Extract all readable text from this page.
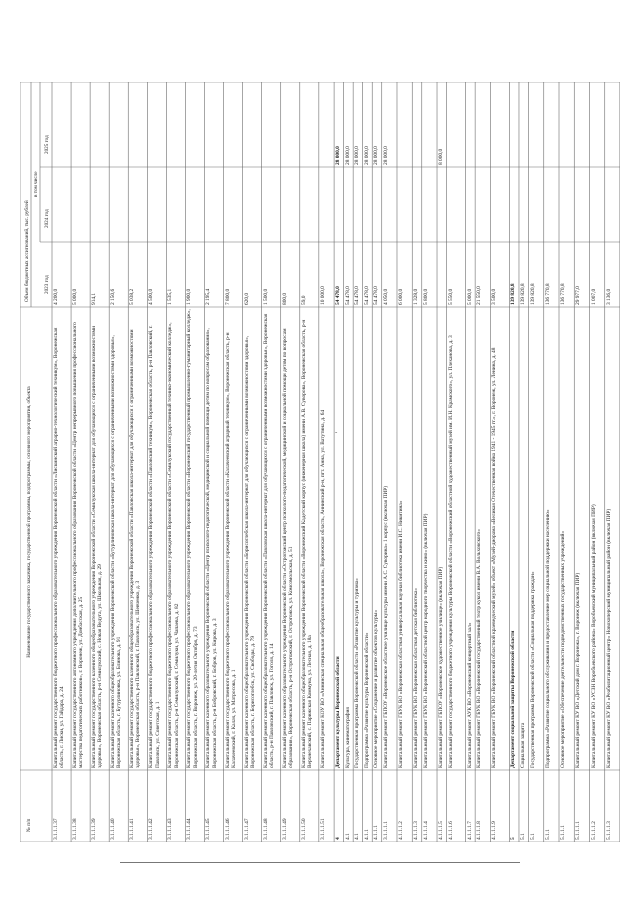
-
№ п/п
Наименование государственного заказчика, государственной программы, подпрограммы, основного мероприятия, объекта
Объем бюджетных ассигнований, тыс. рублей
в том числе
2023 год
2024 год
2025 год
3.1.1.1.37
Капитальный ремонт государственного бюджетного профессионального образовательного учреждения Воронежской области «Лискинский аграрно-технологический техникум», Воронежская область, г. Лиски, ул. Гайдара, д. 24
4 200,0
3.1.1.1.38
Капитальный ремонт государственного автономного учреждения дополнительного профессионального образования Воронежской области «Центр непрерывного повышения профессионального мастерства педагогических работников», г. Воронеж, ул. Донбасская, д. 25
5 000,0
3.1.1.1.39
Капитальный ремонт государственного казенного общеобразовательного учреждения Воронежской области «Семилукская школа-интернат для обучающихся с ограниченными возможностями здоровья», Воронежская область, р-н Семилукский, с. Новая Ведуга, ул. Школьная, д. 29
914,1
3.1.1.1.40
Капитальный ремонт казенного общеобразовательного учреждения Воронежской области «Бутурлиновская школа-интернат для обучающихся с ограниченными возможностями здоровья», Воронежская область, г. Бутурлиновка, ул. Блинова, д. 91
2 150,6
3.1.1.1.41
Капитальный ремонт государственного казенного общеобразовательного учреждения Воронежской области «Павловская школа-интернат для обучающихся с ограниченными возможностями здоровья», Воронежская область, р-н Павловский, г. Павловск, ул. Шевченко, д. 3
5 038,2
3.1.1.1.42
Капитальный ремонт государственного бюджетного профессионального образовательного учреждения Воронежской области «Павловский техникум», Воронежская область, р-н Павловский, г. Павловск, ул. Советская, д. 1
4 500,0
3.1.1.1.43
Капитальный ремонт государственного бюджетного профессионального образовательного учреждения Воронежской области «Семилукский государственный технико-экономический колледж», Воронежская область, р-н Семилукский, г. Семилуки, ул. Чапаева, д. 82
1 535,1
3.1.1.1.44
Капитальный ремонт государственного бюджетного профессионального образовательного учреждения Воронежской области «Воронежский государственный промышленно-гуманитарный колледж», Воронежская область, г. Воронеж, ул. 20-летия Октября, д. 73
1 900,0
3.1.1.1.45
Капитальный ремонт казенного образовательного учреждения Воронежской области «Центр психолого-педагогической, медицинской и социальной помощи детям по вопросам образования», Воронежская область, р-н Бобровский, г. Бобров, ул. Кирова, д. 3
2 195,4
3.1.1.1.46
Капитальный ремонт государственного бюджетного профессионального образовательного учреждения Воронежской области «Калачеевский аграрный техникум», Воронежская область, р-н Калачеевский, г. Калач, ул. Матросова, д. 1
7 800,0
3.1.1.1.47
Капитальный ремонт казенного общеобразовательного учреждения Воронежской области «Борисоглебская школа-интернат для обучающихся с ограниченными возможностями здоровья», Воронежская область, г. Борисоглебск, ул. Свободы, д. 79
620,0
3.1.1.1.48
Капитальный ремонт казенного общеобразовательного учреждения Воронежской области «Павловская школа-интернат для обучающихся с ограниченными возможностями здоровья», Воронежская область, р-н Павловский, г. Павловск, ул. Гоголя, д. 14
1 500,0
3.1.1.1.49
Капитальный ремонт казенного образовательного учреждения Воронежской области «Острогожский центр психолого-педагогической, медицинской и социальной помощи детям по вопросам образования», Воронежская область, р-н Острогожский, г. Острогожск, ул. Комсомольская, д. 51
800,0
3.1.1.1.50
Капитальный ремонт казенного общеобразовательного учреждения Воронежской области «Воронежский Кадетский корпус (инженерная школа) имени А.В. Суворова», Воронежская область, р-н Верхнехавский, с. Парижская Коммуна, ул. Лесная, д. 18а
59,0
3.1.1.1.51
Капитальный ремонт КОУ ВО «Аннинская специальная общеобразовательная школа», Воронежская область, Аннинский р-н, пгт. Анна, ул. Ватутина, д. 64
10 000,0
4
Департамент культуры Воронежской области
54 478,0
28 000,0
4.1
Культура, кинематография
54 478,0
28 000,0
4.1
Государственная программа Воронежской области «Развитие культуры и туризма»
54 478,0
28 000,0
4.1.1
Подпрограмма «Развитие культуры Воронежской области»
54 478,0
28 000,0
4.1.1.1
Основное мероприятие «Сохранение и развитие объектов культуры»
54 478,0
28 000,0
3.1.1.1.1
Капитальный ремонт ГБПОУ «Воронежское областное училище культуры имени А.С. Суворина» 1 корпус (включая ПИР)
4 050,0
28 000,0
4.1.1.1.2
Капитальный ремонт ГБУК ВО «Воронежская областная универсальная научная библиотека имени И.С. Никитина»
6 000,0
4.1.1.1.3
Капитальный ремонт ГБУК ВО «Воронежская областная детская библиотека»
1 328,0
4.1.1.1.4
Капитальный ремонт ГБУК ВО «Воронежский областной центр народного творчества и кино» (включая ПИР)
5 800,0
4.1.1.1.5
Капитальный ремонт ГБПОУ «Воронежское художественное училище» (включая ПИР)
8 000,0
4.1.1.1.6
Капитальный ремонт государственного бюджетного учреждения культуры Воронежской области «Воронежский областной художественный музей им. И.Н. Крамского», ул. Плеханова, д. 3
5 550,0
4.1.1.1.7
Капитальный ремонт АУК ВО «Воронежский концертный зал»
5 000,0
4.1.1.1.8
Капитальный ремонт ГБУК ВО «Воронежский государственный театр кукол имени В.А. Вольховского»
21 550,0
4.1.1.1.9
Капитальный ремонт ГБУК ВО «Воронежский областной краеведческий музей» объект «Музей-диорама «Великая Отечественная война 1941 - 1945 гг.», г. Воронеж, ул. Ленина, д. 48
3 500,0
5
Департамент социальной защиты Воронежской области
139 820,8
5.1
Социальная защита
139 820,8
5.1
Государственная программа Воронежской области «Социальная поддержка граждан»
139 820,8
5.1.1
Подпрограмма «Развитие социального обслуживания и предоставление мер социальной поддержки населению»
136 770,8
5.1.1.1
Основное мероприятие «Обеспечение деятельности подведомственных государственных учреждений»
136 770,8
5.1.1.1.1
Капитальный ремонт КУ ВО «Детский дом г. Воронежа», г. Воронеж (включая ПИР)
29 977,0
5.1.1.1.2
Капитальный ремонт КУ ВО «УСЗН Воробьевского района» Воробьевский муниципальный район (включая ПИР)
1 007,0
5.1.1.1.3
Капитальный ремонт КУ ВО «Реабилитационный центр» Новохоперский муниципальный район (включая ПИР)
3 136,0
